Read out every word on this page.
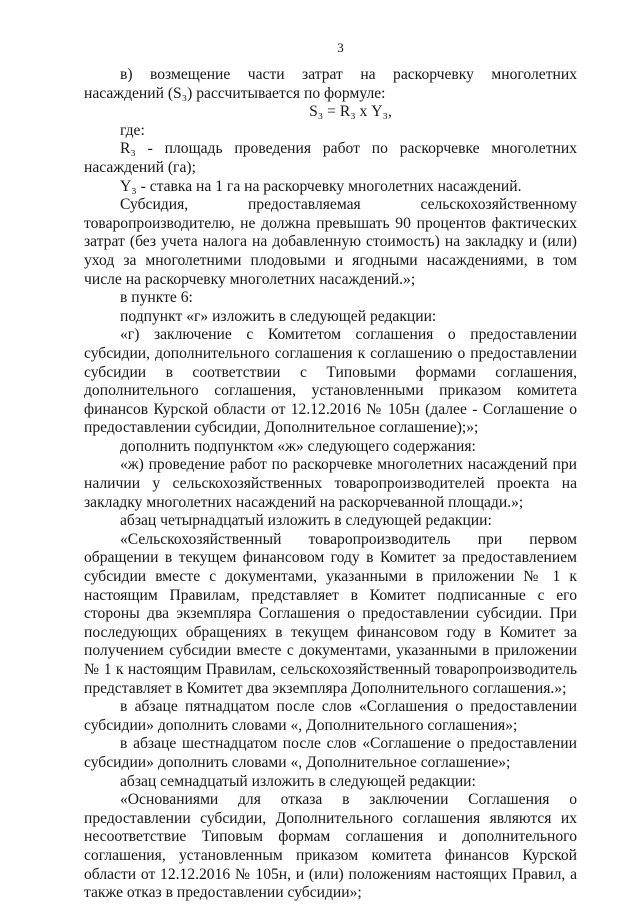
3

в) возмещение части затрат на раскорчевку многолетних насаждений (S₃) рассчитывается по формуле:

S₃ = R₃ х Y₃,

где:

R₃ - площадь проведения работ по раскорчевке многолетних насаждений (га);

Y₃ - ставка на 1 га на раскорчевку многолетних насаждений.

Субсидия, предоставляемая сельскохозяйственному товаропроизводителю, не должна превышать 90 процентов фактических затрат (без учета налога на добавленную стоимость) на закладку и (или) уход за многолетними плодовыми и ягодными насаждениями, в том числе на раскорчевку многолетних насаждений.»;

в пункте 6:

подпункт «г» изложить в следующей редакции:

«г) заключение с Комитетом соглашения о предоставлении субсидии, дополнительного соглашения к соглашению о предоставлении субсидии в соответствии с Типовыми формами соглашения, дополнительного соглашения, установленными приказом комитета финансов Курской области от 12.12.2016 № 105н (далее - Соглашение о предоставлении субсидии, Дополнительное соглашение);»;

дополнить подпунктом «ж» следующего содержания:

«ж) проведение работ по раскорчевке многолетних насаждений при наличии у сельскохозяйственных товаропроизводителей проекта на закладку многолетних насаждений на раскорчеванной площади.»;

абзац четырнадцатый изложить в следующей редакции:

«Сельскохозяйственный товаропроизводитель при первом обращении в текущем финансовом году в Комитет за предоставлением субсидии вместе с документами, указанными в приложении № 1 к настоящим Правилам, представляет в Комитет подписанные с его стороны два экземпляра Соглашения о предоставлении субсидии. При последующих обращениях в текущем финансовом году в Комитет за получением субсидии вместе с документами, указанными в приложении № 1 к настоящим Правилам, сельскохозяйственный товаропроизводитель представляет в Комитет два экземпляра Дополнительного соглашения.»;

в абзаце пятнадцатом после слов «Соглашения о предоставлении субсидии» дополнить словами «, Дополнительного соглашения»;

в абзаце шестнадцатом после слов «Соглашение о предоставлении субсидии» дополнить словами «, Дополнительное соглашение»;

абзац семнадцатый изложить в следующей редакции:

«Основаниями для отказа в заключении Соглашения о предоставлении субсидии, Дополнительного соглашения являются их несоответствие Типовым формам соглашения и дополнительного соглашения, установленным приказом комитета финансов Курской области от 12.12.2016 № 105н, и (или) положениям настоящих Правил, а также отказ в предоставлении субсидии»;
